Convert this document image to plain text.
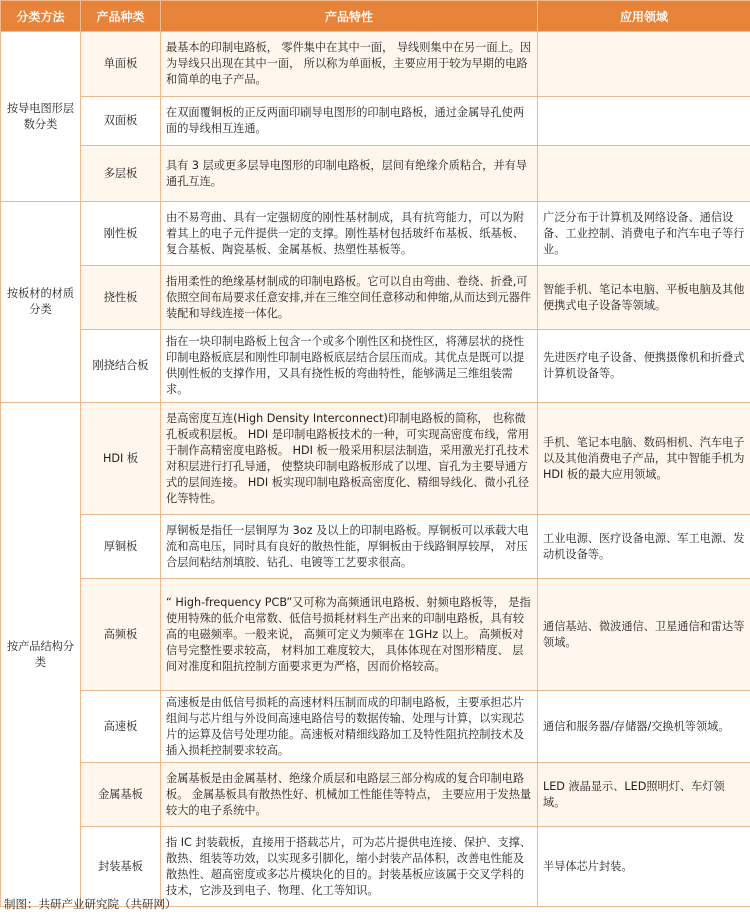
分类方法	产品种类	产品特性	应用领域
按导电图形层数分类	单面板	最基本的印制电路板， 零件集中在其中一面， 导线则集中在另一面上。因为导线只出现在其中一面， 所以称为单面板，主要应用于较为早期的电路和简单的电子产品。	
	双面板	在双面覆铜板的正反两面印刷导电图形的印制电路板，通过金属导孔使两面的导线相互连通。	
	多层板	具有 3 层或更多层导电图形的印制电路板，层间有绝缘介质粘合，并有导通孔互连。	
按板材的材质分类	刚性板	由不易弯曲、具有一定强韧度的刚性基材制成，具有抗弯能力，可以为附着其上的电子元件提供一定的支撑。刚性基材包括玻纤布基板、纸基板、复合基板、陶瓷基板、金属基板、热塑性基板等。	广泛分布于计算机及网络设备、通信设备、工业控制、消费电子和汽车电子等行业。
	挠性板	指用柔性的绝缘基材制成的印制电路板。它可以自由弯曲、卷绕、折叠,可依照空间布局要求任意安排,并在三维空间任意移动和伸缩,从而达到元器件装配和导线连接一体化。	智能手机、笔记本电脑、平板电脑及其他便携式电子设备等领域。
	刚挠结合板	指在一块印制电路板上包含一个或多个刚性区和挠性区，将薄层状的挠性印制电路板底层和刚性印制电路板底层结合层压而成。其优点是既可以提供刚性板的支撑作用，又具有挠性板的弯曲特性，能够满足三维组装需求。	先进医疗电子设备、便携摄像机和折叠式计算机设备等。
按产品结构分类	HDI 板	是高密度互连(High Density Interconnect)印制电路板的简称， 也称微孔板或积层板。 HDI 是印制电路板技术的一种，可实现高密度布线，常用于制作高精密度电路板。 HDI 板一般采用积层法制造，采用激光打孔技术对积层进行打孔导通， 使整块印制电路板形成了以埋、盲孔为主要导通方式的层间连接。 HDI 板实现印制电路板高密度化、精细导线化、微小孔径化等特性。	手机、笔记本电脑、数码相机、汽车电子以及其他消费电子产品，其中智能手机为 HDI 板的最大应用领域。
	厚铜板	厚铜板是指任一层铜厚为 3oz 及以上的印制电路板。厚铜板可以承载大电流和高电压，同时具有良好的散热性能，厚铜板由于线路铜厚较厚， 对压合层间粘结剂填胶、钻孔、电镀等工艺要求很高。	工业电源、医疗设备电源、军工电源、发动机设备等。
	高频板	“ High-frequency PCB”又可称为高频通讯电路板、射频电路板等， 是指使用特殊的低介电常数、低信号损耗材料生产出来的印制电路板，具有较高的电磁频率。一般来说， 高频可定义为频率在 1GHz 以上。 高频板对信号完整性要求较高， 材料加工难度较大， 具体体现在对图形精度、 层间对准度和阻抗控制方面要求更为严格，因而价格较高。	通信基站、微波通信、卫星通信和雷达等领域。
	高速板	高速板是由低信号损耗的高速材料压制而成的印制电路板，主要承担芯片组间与芯片组与外设间高速电路信号的数据传输、处理与计算，以实现芯片的运算及信号处理功能。高速板对精细线路加工及特性阻抗控制技术及插入损耗控制要求较高。	通信和服务器/存储器/交换机等领域。
	金属基板	金属基板是由金属基材、绝缘介质层和电路层三部分构成的复合印制电路板。 金属基板具有散热性好、机械加工性能佳等特点， 主要应用于发热量较大的电子系统中。	LED 液晶显示、LED照明灯、车灯领域。
	封装基板	指 IC 封装载板，直接用于搭载芯片，可为芯片提供电连接、保护、支撑、散热、组装等功效，以实现多引脚化，缩小封装产品体积，改善电性能及散热性、超高密度或多芯片模块化的目的。封装基板应该属于交叉学科的技术，它涉及到电子、物理、化工等知识。	半导体芯片封装。
制图：共研产业研究院（共研网）
